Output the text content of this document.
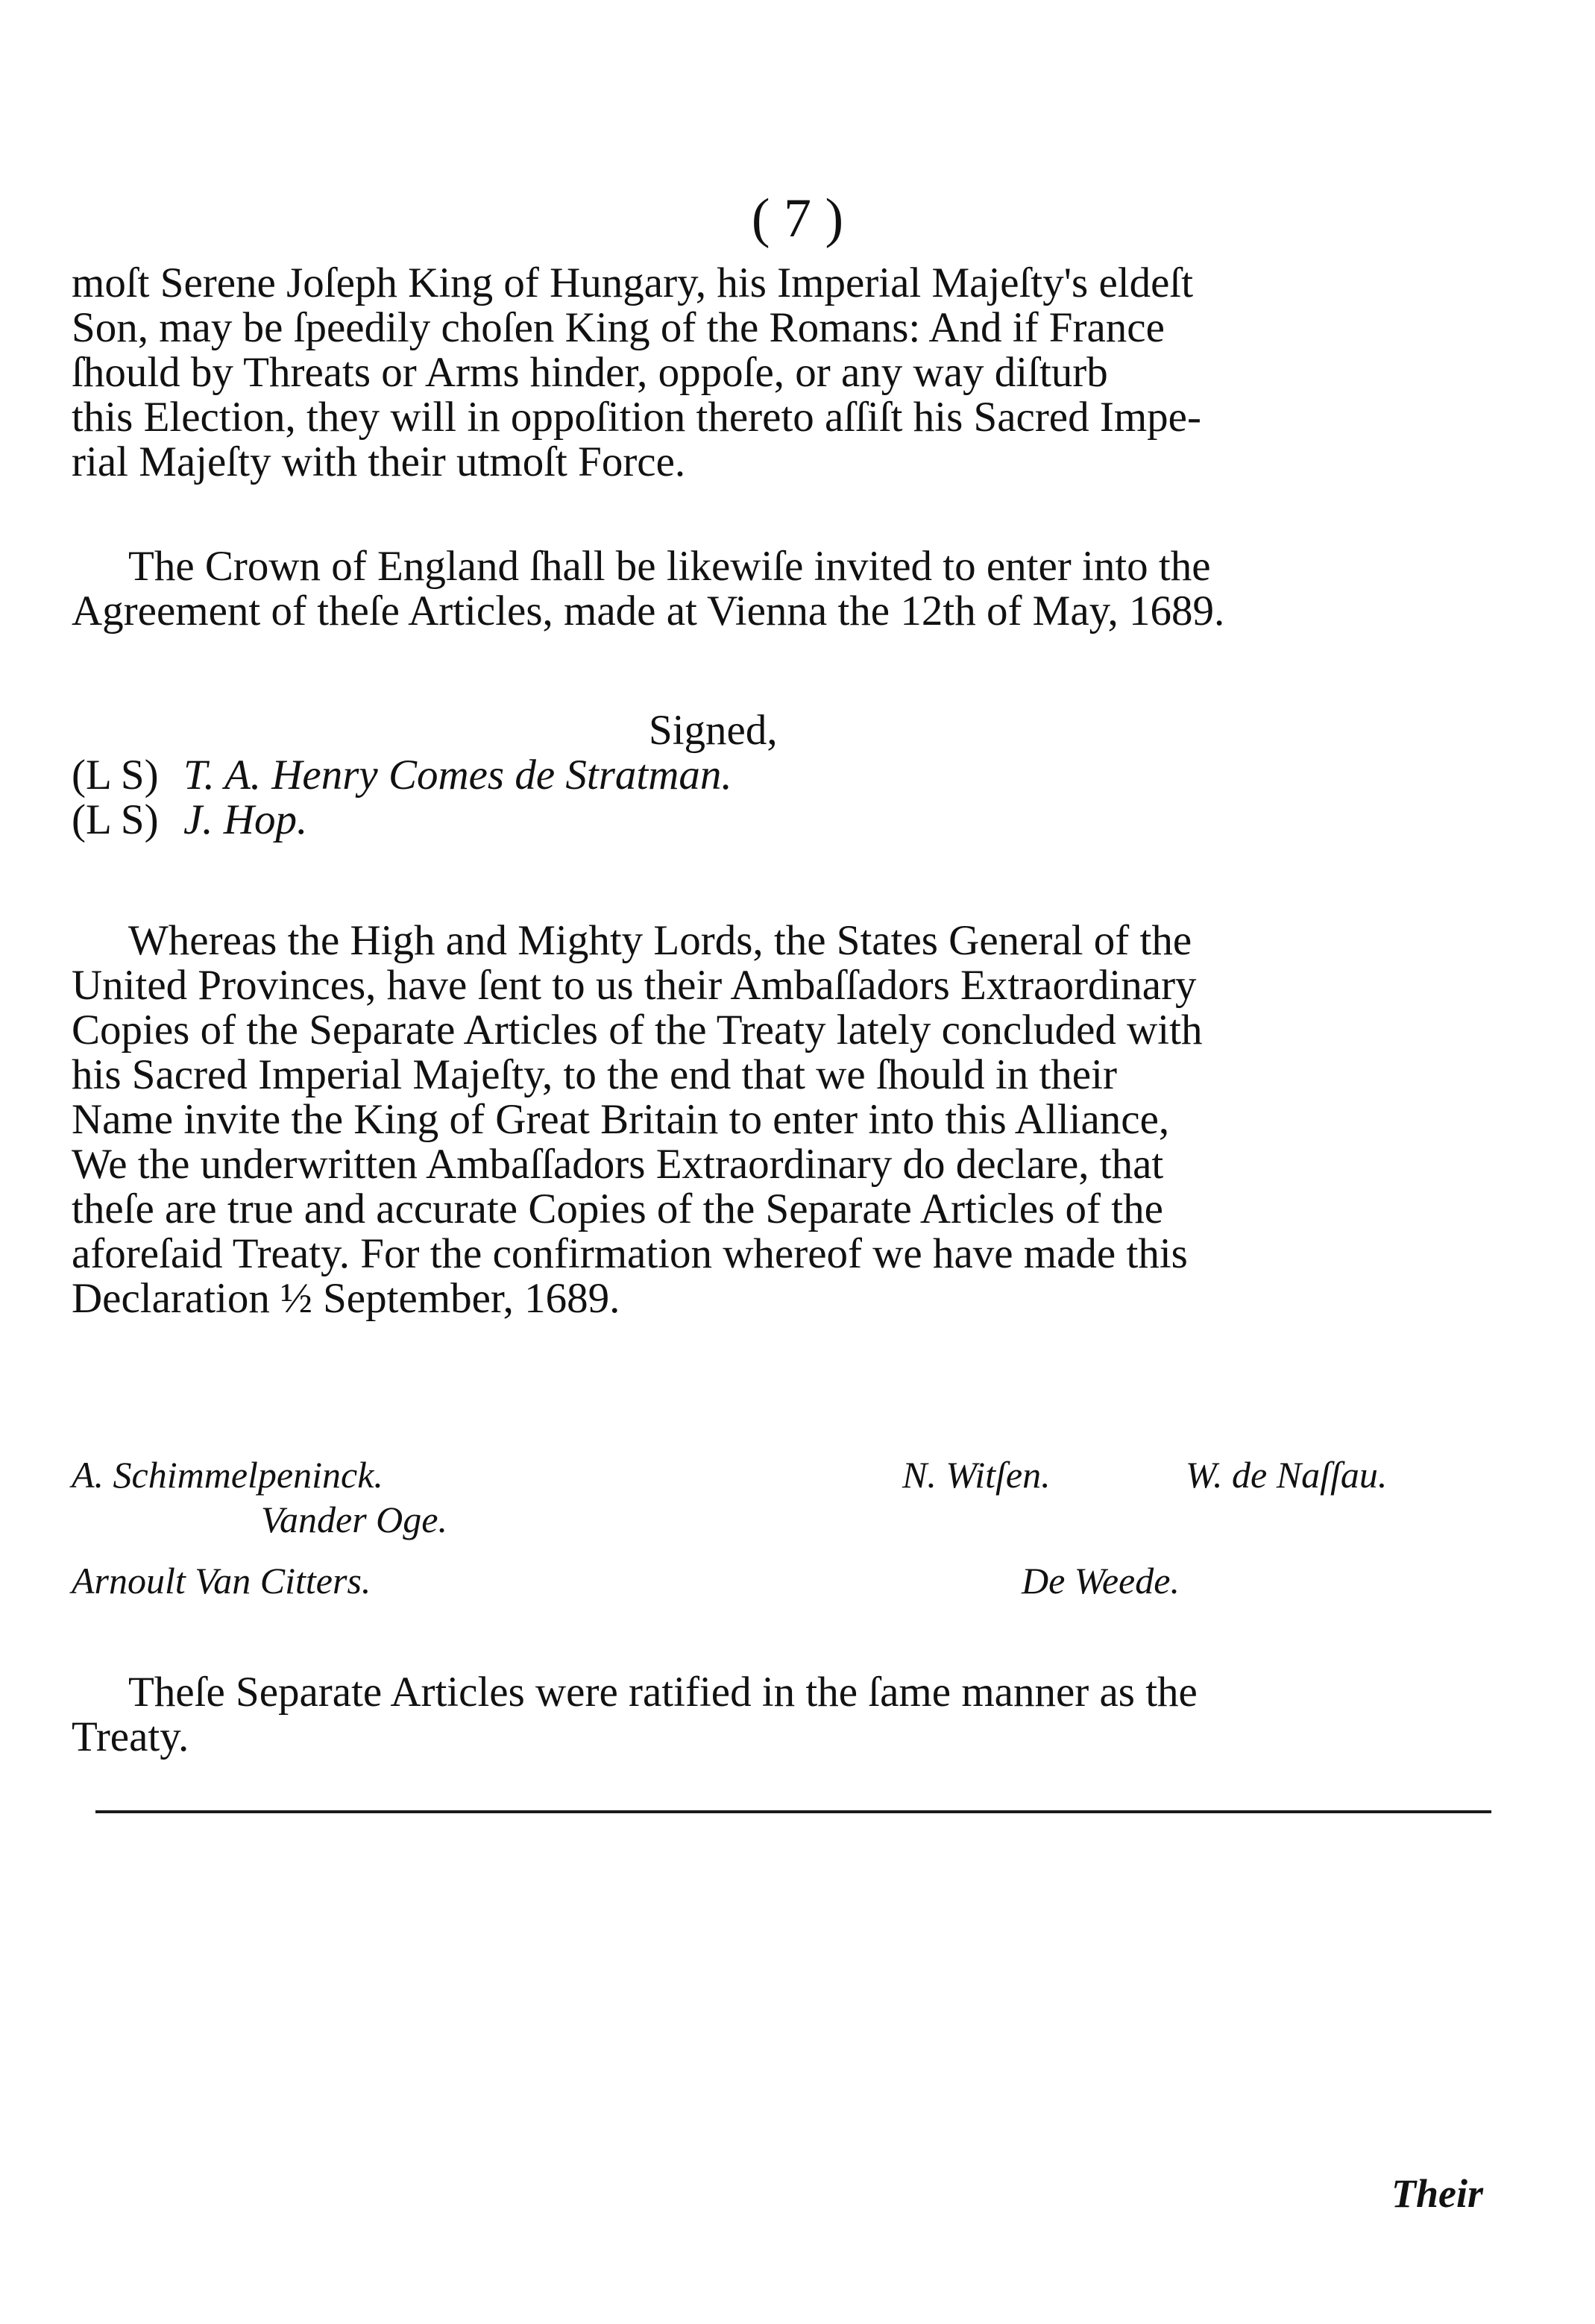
( 7 )
moſt Serene Joſeph King of Hungary, his Imperial Majeſty's eldeſt
Son, may be ſpeedily choſen King of the Romans: And if France
ſhould by Threats or Arms hinder, oppoſe, or any way diſturb
this Election, they will in oppoſition thereto aſſiſt his Sacred Impe-
rial Majeſty with their utmoſt Force.
The Crown of England ſhall be likewiſe invited to enter into the
Agreement of theſe Articles, made at Vienna the 12th of May, 1689.
Signed,
(L S) T. A. Henry Comes de Stratman.
(L S) J. Hop.
Whereas the High and Mighty Lords, the States General of the
United Provinces, have ſent to us their Ambaſſadors Extraordinary
Copies of the Separate Articles of the Treaty lately concluded with
his Sacred Imperial Majeſty, to the end that we ſhould in their
Name invite the King of Great Britain to enter into this Alliance,
We the underwritten Ambaſſadors Extraordinary do declare, that
theſe are true and accurate Copies of the Separate Articles of the
aforeſaid Treaty. For the confirmation whereof we have made this
Declaration ½ September, 1689.
A. Schimmelpeninck.
Vander Oge.
Arnoult Van Citters.
N. Witſen.	W. de Naſſau.
De Weede.
Theſe Separate Articles were ratified in the ſame manner as the
Treaty.
Their
